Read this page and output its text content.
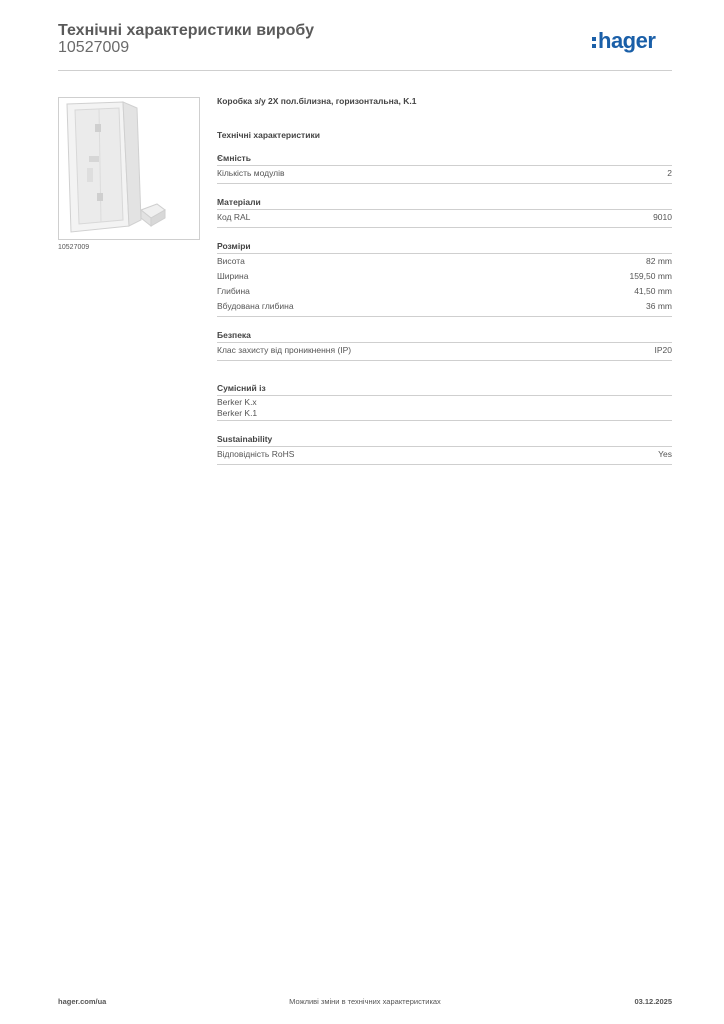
Технічні характеристики виробу
10527009	hager
10527009
Коробка з/у 2Х пол.білизна, горизонтальна, K.1
Технічні характеристики
Ємність
Кількість модулів	2
Матеріали
Код RAL	9010
Розміри
Висота	82 mm
Ширина	159,50 mm
Глибина	41,50 mm
Вбудована глибина	36 mm
Безпека
Клас захисту від проникнення (IP)	IP20
Сумісний із
Berker K.x
Berker K.1
Sustainability
Відповідність RoHS	Yes
hager.com/ua	Можливі зміни в технічних характеристиках	03.12.2025
